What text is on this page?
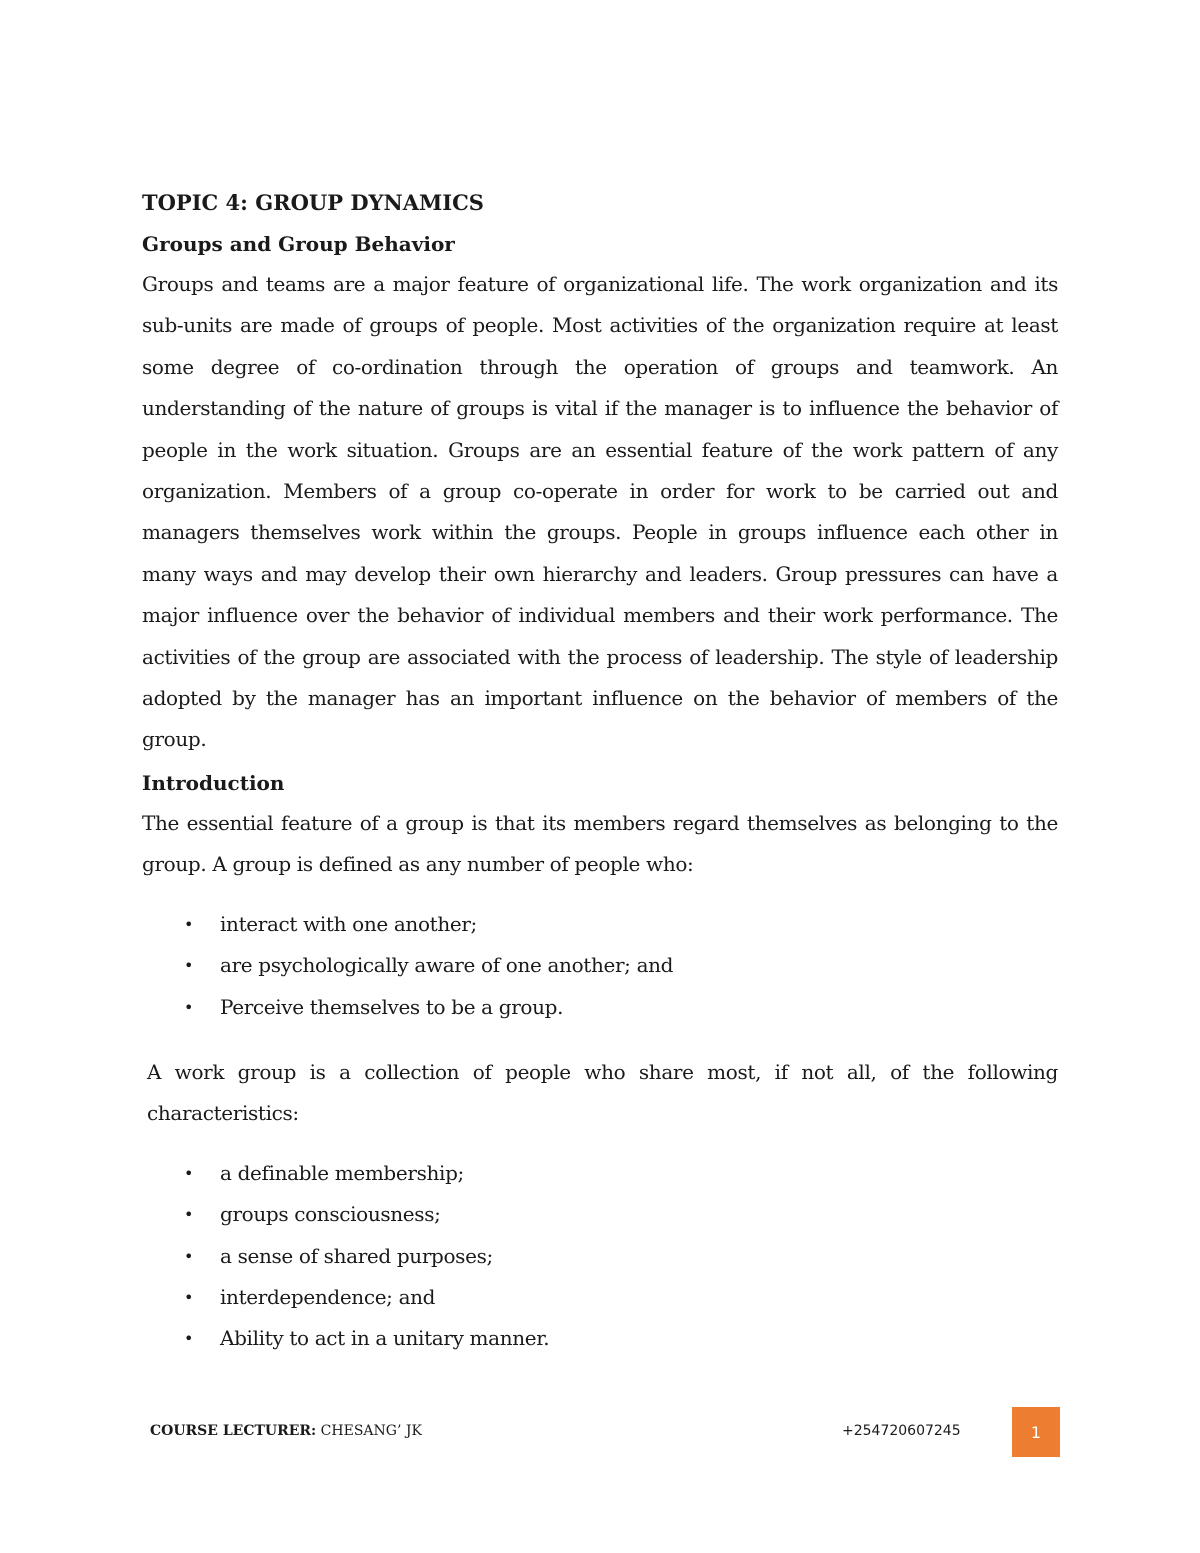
TOPIC 4: GROUP DYNAMICS
Groups and Group Behavior

Groups and teams are a major feature of organizational life. The work organization and its sub-units are made of groups of people. Most activities of the organization require at least some degree of co-ordination through the operation of groups and teamwork. An understanding of the nature of groups is vital if the manager is to influence the behavior of people in the work situation. Groups are an essential feature of the work pattern of any organization. Members of a group co-operate in order for work to be carried out and managers themselves work within the groups. People in groups influence each other in many ways and may develop their own hierarchy and leaders. Group pressures can have a major influence over the behavior of individual members and their work performance. The activities of the group are associated with the process of leadership. The style of leadership adopted by the manager has an important influence on the behavior of members of the group.

Introduction

The essential feature of a group is that its members regard themselves as belonging to the group. A group is defined as any number of people who:

• interact with one another;
• are psychologically aware of one another; and
• Perceive themselves to be a group.

A work group is a collection of people who share most, if not all, of the following characteristics:

• a definable membership;
• groups consciousness;
• a sense of shared purposes;
• interdependence; and
• Ability to act in a unitary manner.
COURSE LECTURER: CHESANG’ JK	+254720607245	1
